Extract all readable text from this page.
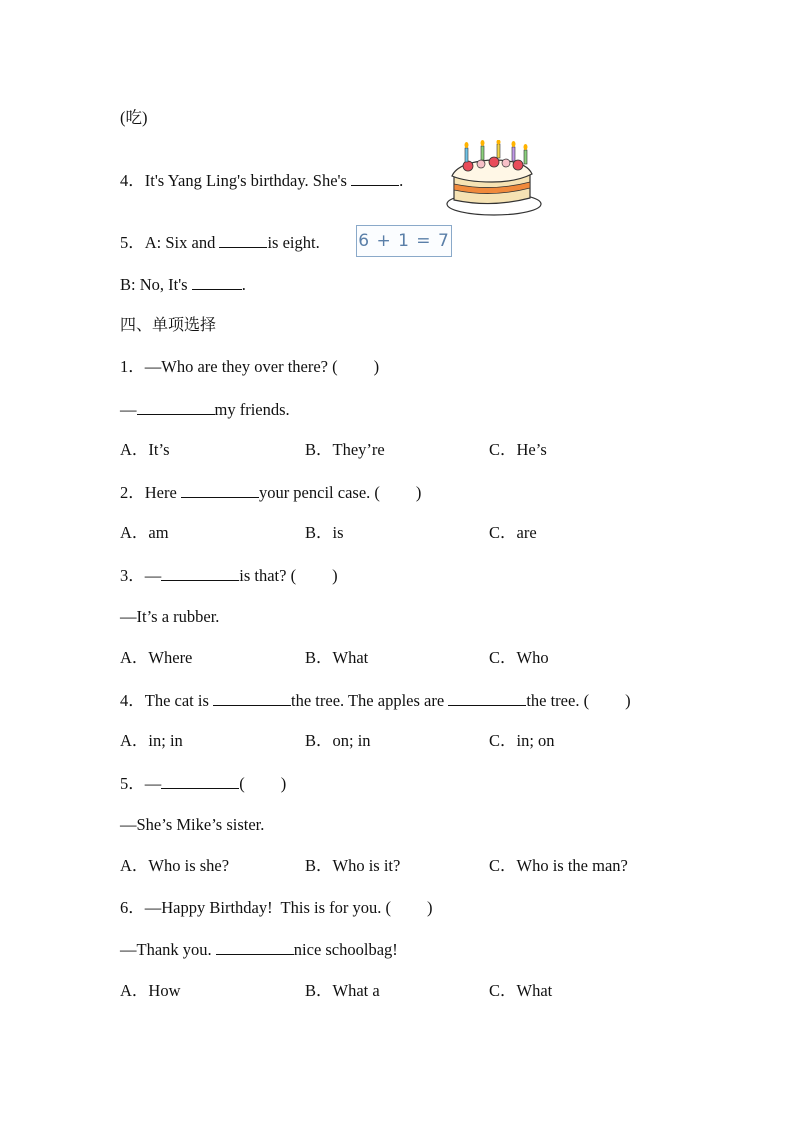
(吃)
4．It's Yang Ling's birthday. She's	.
5．A: Six and	is eight. 6 + 1 = 7
B: No, It's	.
四、单项选择
1．—Who are they over there? ( )
—	my friends.
A．It’s	B．They’re	C．He’s
2．Here	your pencil case. ( )
A．am	B．is	C．are
3．—	is that? ( )
—It’s a rubber.
A．Where	B．What	C．Who
4．The cat is	the tree. The apples are	the tree. ( )
A．in; in	B．on; in	C．in; on
5．—	( )
—She’s Mike’s sister.
A．Who is she?	B．Who is it?	C．Who is the man?
6．—Happy Birthday!  This is for you. ( )
—Thank you.	nice schoolbag!
A．How	B．What a	C．What
